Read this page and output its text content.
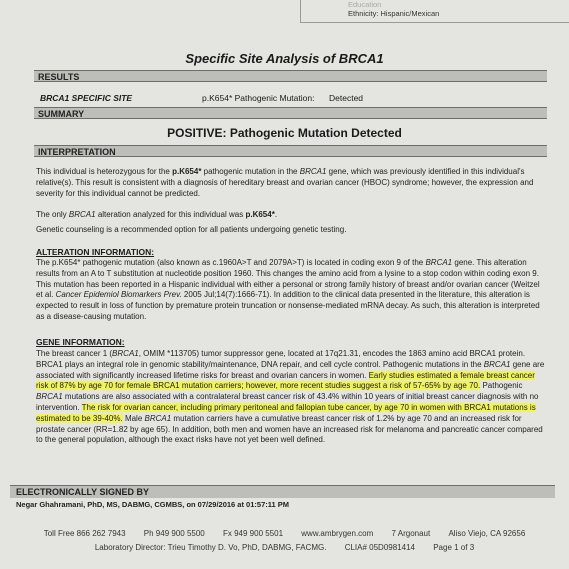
Education
Ethnicity: Hispanic/Mexican
Specific Site Analysis of BRCA1
RESULTS
BRCA1 SPECIFIC SITE	p.K654* Pathogenic Mutation: Detected
SUMMARY
POSITIVE: Pathogenic Mutation Detected
INTERPRETATION
This individual is heterozygous for the p.K654* pathogenic mutation in the BRCA1 gene, which was previously identified in this individual's relative(s). This result is consistent with a diagnosis of hereditary breast and ovarian cancer (HBOC) syndrome; however, the expression and severity for this individual cannot be predicted.
The only BRCA1 alteration analyzed for this individual was p.K654*.
Genetic counseling is a recommended option for all patients undergoing genetic testing.
ALTERATION INFORMATION:
The p.K654* pathogenic mutation (also known as c.1960A>T and 2079A>T) is located in coding exon 9 of the BRCA1 gene. This alteration results from an A to T substitution at nucleotide position 1960. This changes the amino acid from a lysine to a stop codon within coding exon 9. This mutation has been reported in a Hispanic individual with either a personal or strong family history of breast and/or ovarian cancer (Weitzel et al. Cancer Epidemiol Biomarkers Prev. 2005 Jul;14(7):1666-71). In addition to the clinical data presented in the literature, this alteration is expected to result in loss of function by premature protein truncation or nonsense-mediated mRNA decay. As such, this alteration is interpreted as a disease-causing mutation.
GENE INFORMATION:
The breast cancer 1 (BRCA1, OMIM *113705) tumor suppressor gene, located at 17q21.31, encodes the 1863 amino acid BRCA1 protein. BRCA1 plays an integral role in genomic stability/maintenance, DNA repair, and cell cycle control. Pathogenic mutations in the BRCA1 gene are associated with significantly increased lifetime risks for breast and ovarian cancers in women. Early studies estimated a female breast cancer risk of 87% by age 70 for female BRCA1 mutation carriers; however, more recent studies suggest a risk of 57-65% by age 70. Pathogenic BRCA1 mutations are also associated with a contralateral breast cancer risk of 43.4% within 10 years of initial breast cancer diagnosis with no intervention. The risk for ovarian cancer, including primary peritoneal and fallopian tube cancer, by age 70 in women with BRCA1 mutations is estimated to be 39-40%. Male BRCA1 mutation carriers have a cumulative breast cancer risk of 1.2% by age 70 and an increased risk for prostate cancer (RR=1.82 by age 65). In addition, both men and women have an increased risk for melanoma and pancreatic cancer compared to the general population, although the exact risks have not yet been well defined.
ELECTRONICALLY SIGNED BY
Negar Ghahramani, PhD, MS, DABMG, CGMBS, on 07/29/2016 at 01:57:11 PM
Toll Free 866 262 7943 Ph 949 900 5500 Fx 949 900 5501 www.ambrygen.com 7 Argonaut Aliso Viejo, CA 92656
Laboratory Director: Trieu Timothy D. Vo, PhD, DABMG, FACMG. CLIA# 05D0981414 Page 1 of 3
